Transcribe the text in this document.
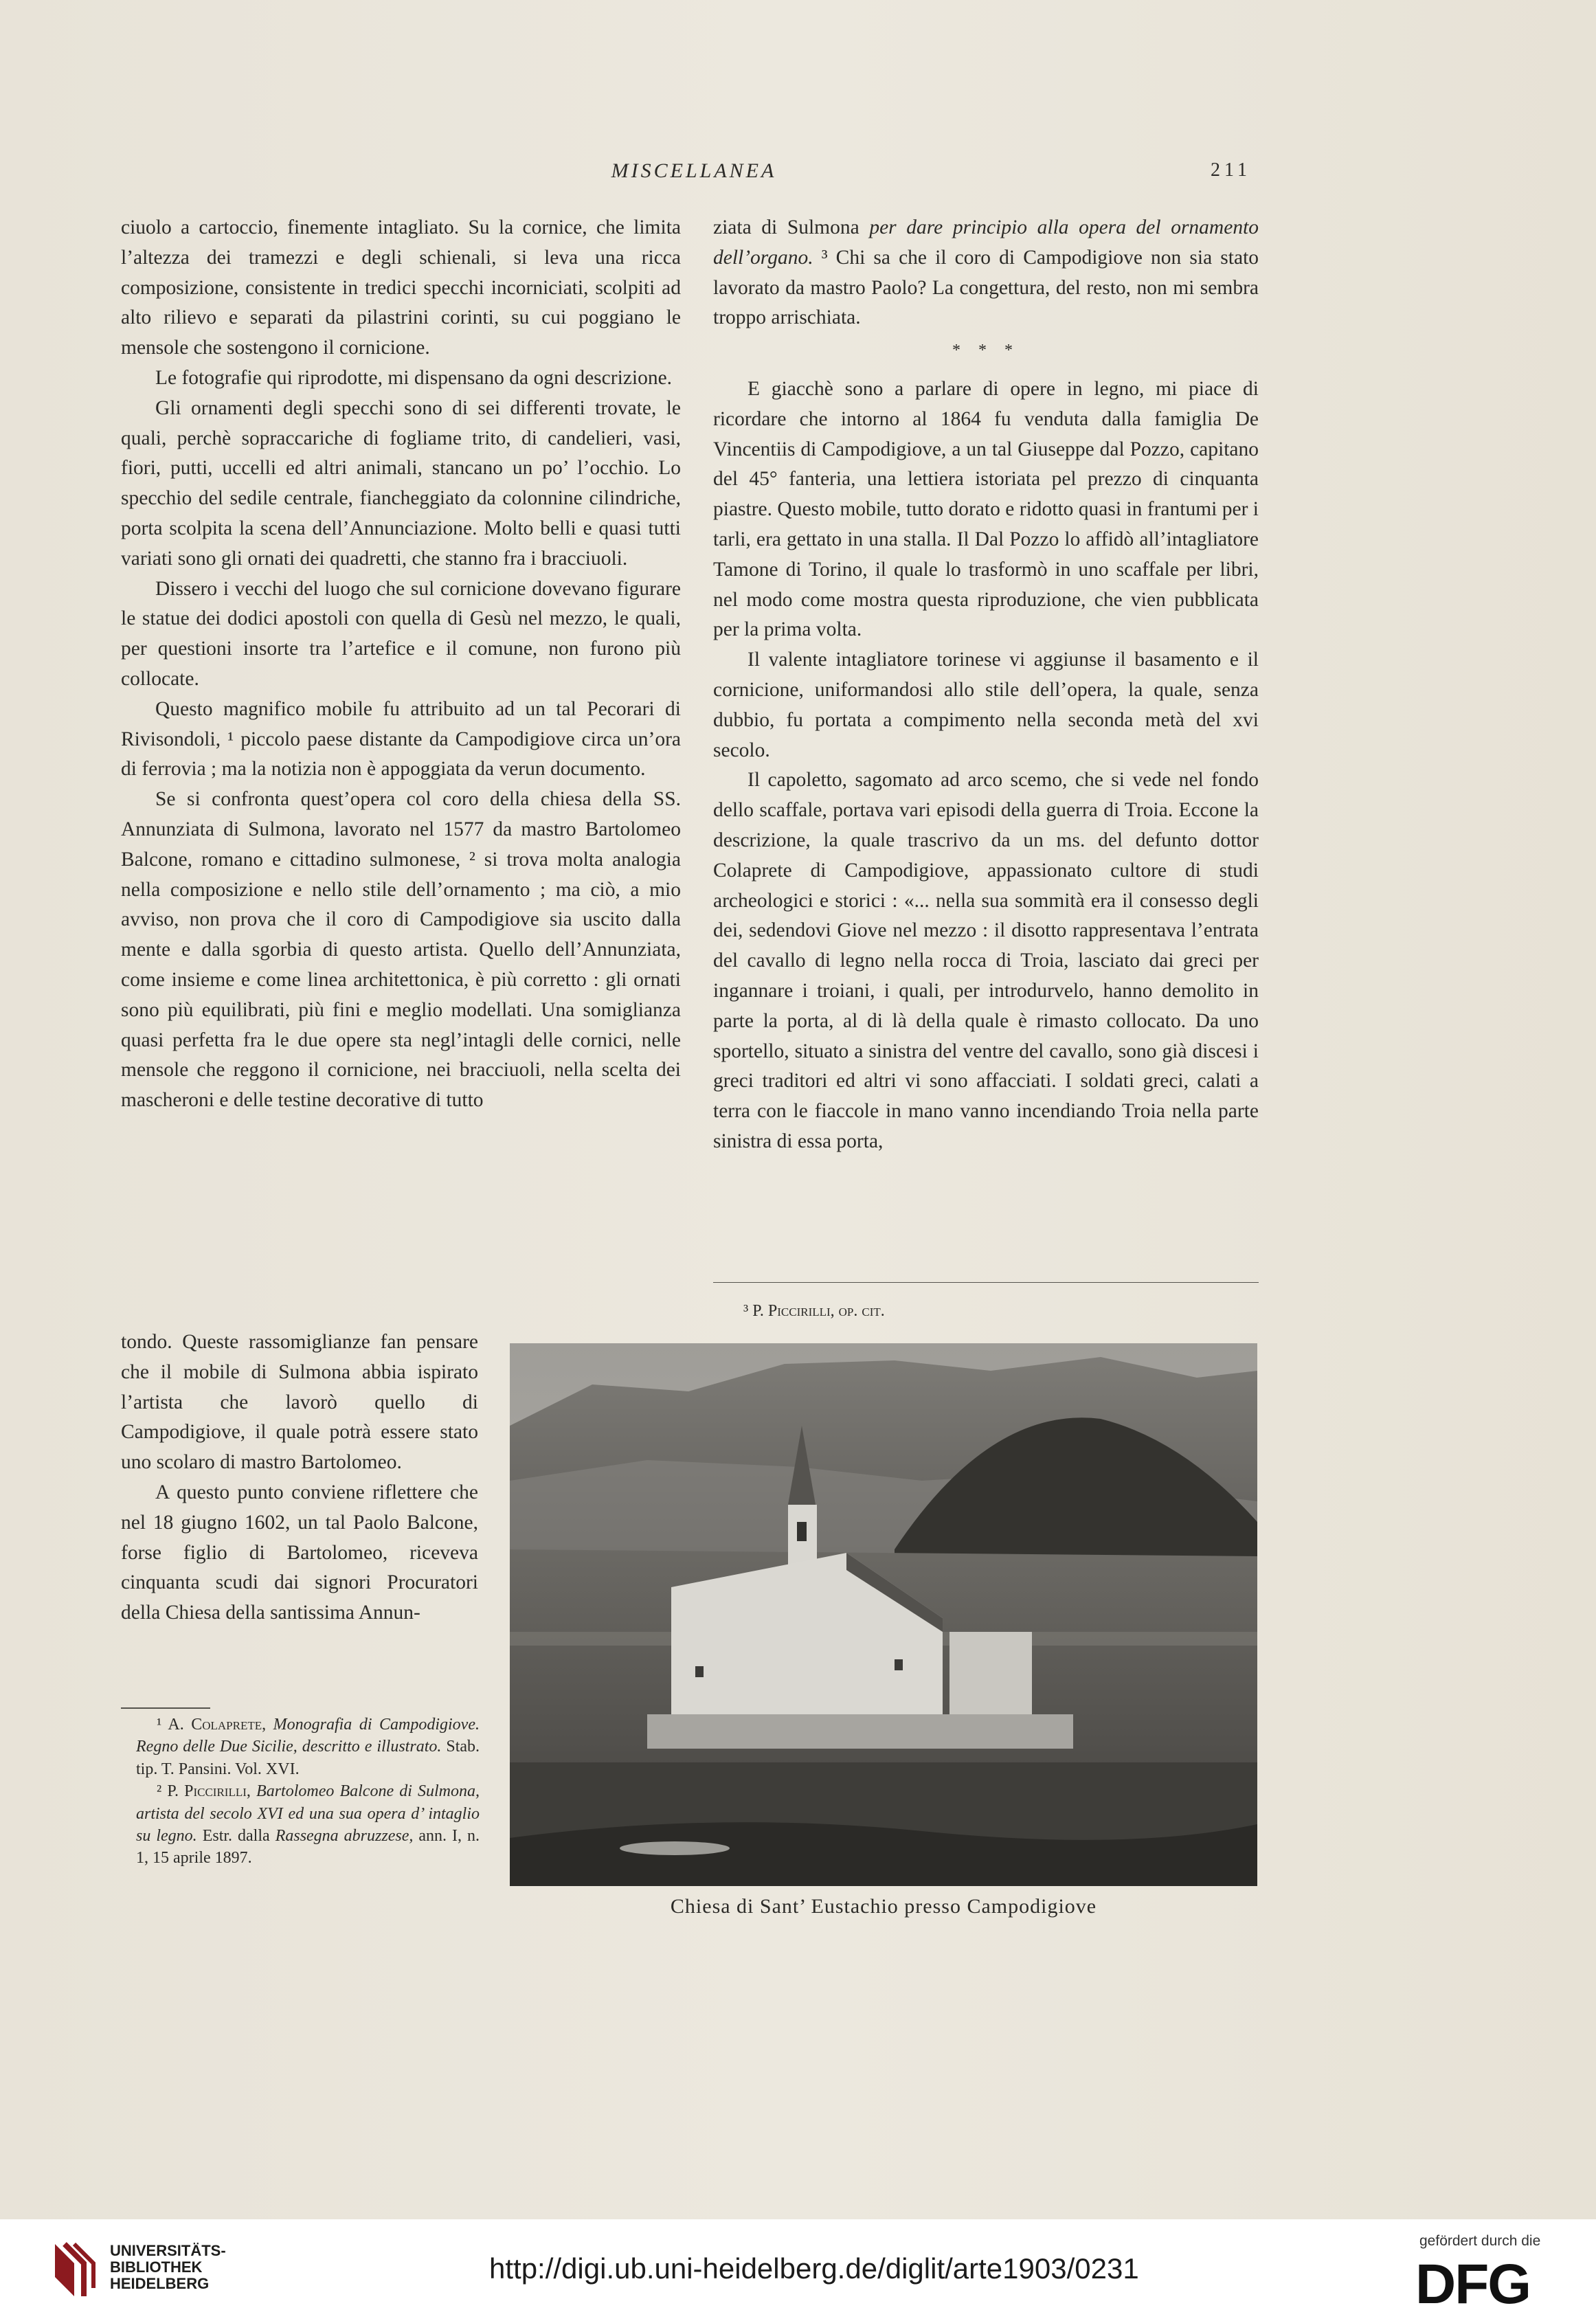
MISCELLANEA	211

ciuolo a cartoccio, finemente intagliato. Su la cornice, che limita l’altezza dei tramezzi e degli schienali, si leva una ricca composizione, consistente in tredici specchi incorniciati, scolpiti ad alto rilievo e separati da pilastrini corinti, su cui poggiano le mensole che sostengono il cornicione.

Le fotografie qui riprodotte, mi dispensano da ogni descrizione.

Gli ornamenti degli specchi sono di sei differenti trovate, le quali, perchè sopraccariche di fogliame trito, di candelieri, vasi, fiori, putti, uccelli ed altri animali, stancano un po’ l’occhio. Lo specchio del sedile centrale, fiancheggiato da colonnine cilindriche, porta scolpita la scena dell’Annunciazione. Molto belli e quasi tutti variati sono gli ornati dei quadretti, che stanno fra i bracciuoli.

Dissero i vecchi del luogo che sul cornicione dovevano figurare le statue dei dodici apostoli con quella di Gesù nel mezzo, le quali, per questioni insorte tra l’artefice e il comune, non furono più collocate.

Questo magnifico mobile fu attribuito ad un tal Pecorari di Rivisondoli, ¹ piccolo paese distante da Campodigiove circa un’ora di ferrovia ; ma la notizia non è appoggiata da verun documento.

Se si confronta quest’opera col coro della chiesa della SS. Annunziata di Sulmona, lavorato nel 1577 da mastro Bartolomeo Balcone, romano e cittadino sulmonese, ² si trova molta analogia nella composizione e nello stile dell’ornamento ; ma ciò, a mio avviso, non prova che il coro di Campodigiove sia uscito dalla mente e dalla sgorbia di questo artista. Quello dell’Annunziata, come insieme e come linea architettonica, è più corretto : gli ornati sono più equilibrati, più fini e meglio modellati. Una somiglianza quasi perfetta fra le due opere sta negl’intagli delle cornici, nelle mensole che reggono il cornicione, nei bracciuoli, nella scelta dei mascheroni e delle testine decorative di tutto

tondo. Queste rassomiglianze fan pensare che il mobile di Sulmona abbia ispirato l’artista che lavorò quello di Campodigiove, il quale potrà essere stato uno scolaro di mastro Bartolomeo.

A questo punto conviene riflettere che nel 18 giugno 1602, un tal Paolo Balcone, forse figlio di Bartolomeo, riceveva cinquanta scudi dai signori Procuratori della Chiesa della santissima Annun-

¹ A. Colaprete, Monografia di Campodigiove. Regno delle Due Sicilie, descritto e illustrato. Stab. tip. T. Pansini. Vol. XVI.

² P. Piccirilli, Bartolomeo Balcone di Sulmona, artista del secolo XVI ed una sua opera d’ intaglio su legno. Estr. dalla Rassegna abruzzese, ann. I, n. 1, 15 aprile 1897.

ziata di Sulmona per dare principio alla opera del ornamento dell’organo. ³ Chi sa che il coro di Campodigiove non sia stato lavorato da mastro Paolo? La congettura, del resto, non mi sembra troppo arrischiata.

* * *

E giacchè sono a parlare di opere in legno, mi piace di ricordare che intorno al 1864 fu venduta dalla famiglia De Vincentiis di Campodigiove, a un tal Giuseppe dal Pozzo, capitano del 45° fanteria, una lettiera istoriata pel prezzo di cinquanta piastre. Questo mobile, tutto dorato e ridotto quasi in frantumi per i tarli, era gettato in una stalla. Il Dal Pozzo lo affidò all’intagliatore Tamone di Torino, il quale lo trasformò in uno scaffale per libri, nel modo come mostra questa riproduzione, che vien pubblicata per la prima volta.

Il valente intagliatore torinese vi aggiunse il basamento e il cornicione, uniformandosi allo stile dell’opera, la quale, senza dubbio, fu portata a compimento nella seconda metà del xvi secolo.

Il capoletto, sagomato ad arco scemo, che si vede nel fondo dello scaffale, portava vari episodi della guerra di Troia. Eccone la descrizione, la quale trascrivo da un ms. del defunto dottor Colaprete di Campodigiove, appassionato cultore di studi archeologici e storici : «... nella sua sommità era il consesso degli dei, sedendovi Giove nel mezzo : il disotto rappresentava l’entrata del cavallo di legno nella rocca di Troia, lasciato dai greci per ingannare i troiani, i quali, per introdurvelo, hanno demolito in parte la porta, al di là della quale è rimasto collocato. Da uno sportello, situato a sinistra del ventre del cavallo, sono già discesi i greci traditori ed altri vi sono affacciati. I soldati greci, calati a terra con le fiaccole in mano vanno incendiando Troia nella parte sinistra di essa porta,

³ P. Piccirilli, op. cit.
Chiesa di Sant’ Eustachio presso Campodigiove
UNIVERSITÄTS-
BIBLIOTHEK
HEIDELBERG	http://digi.ub.uni-heidelberg.de/diglit/arte1903/0231
gefördert durch die
DFG
